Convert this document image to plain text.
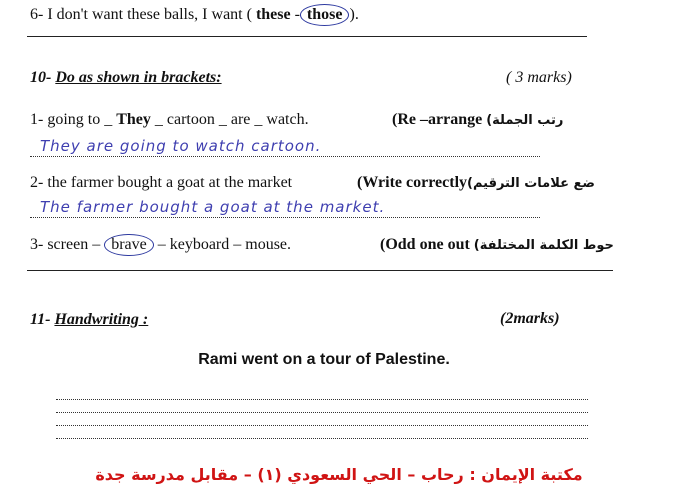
6- I don't want these balls, I want ( these - those ).
10- Do as shown in brackets:	( 3 marks)
1- going to _ They _ cartoon _ are _ watch.	(Re –arrange رتب الجملة)
They are going to watch cartoon.
2- the farmer bought a goat at the market	(Write correctlyضع علامات الترقيم)
The farmer bought a goat at the market.
3- screen – brave – keyboard – mouse.	(Odd one out حوط الكلمة المختلفة)
11- Handwriting :	(2marks)
Rami went on a tour of Palestine.
مكتبة الإيمان : رحاب – الحي السعودي (١) – مقابل مدرسة جدة
